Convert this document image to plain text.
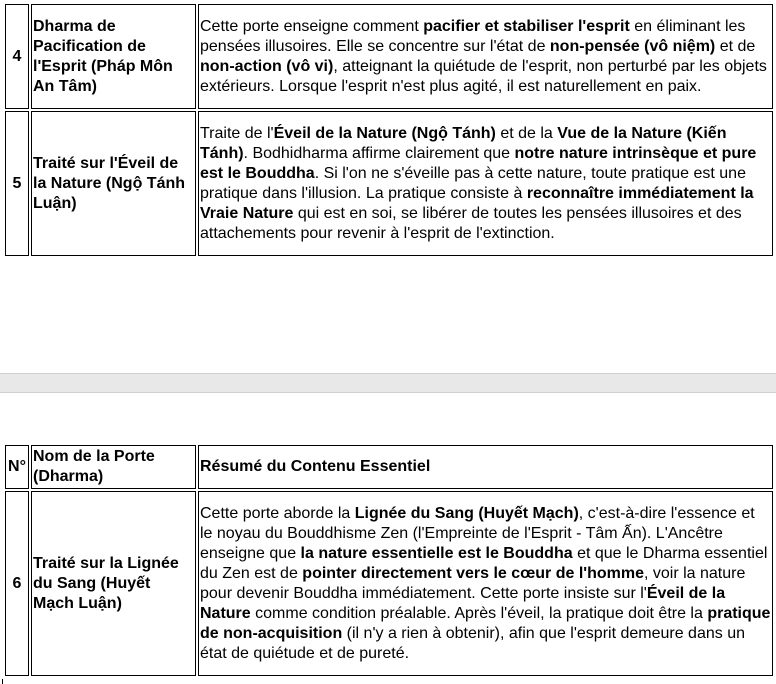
4	Dharma de Pacification de l'Esprit (Pháp Môn An Tâm)	Cette porte enseigne comment pacifier et stabiliser l'esprit en éliminant les pensées illusoires. Elle se concentre sur l'état de non-pensée (vô niệm) et de non-action (vô vi), atteignant la quiétude de l'esprit, non perturbé par les objets extérieurs. Lorsque l'esprit n'est plus agité, il est naturellement en paix.
5	Traité sur l'Éveil de la Nature (Ngộ Tánh Luận)	Traite de l'Éveil de la Nature (Ngộ Tánh) et de la Vue de la Nature (Kiến Tánh). Bodhidharma affirme clairement que notre nature intrinsèque et pure est le Bouddha. Si l'on ne s'éveille pas à cette nature, toute pratique est une pratique dans l'illusion. La pratique consiste à reconnaître immédiatement la Vraie Nature qui est en soi, se libérer de toutes les pensées illusoires et des attachements pour revenir à l'esprit de l'extinction.
N°	Nom de la Porte (Dharma)	Résumé du Contenu Essentiel
6	Traité sur la Lignée du Sang (Huyết Mạch Luận)	Cette porte aborde la Lignée du Sang (Huyết Mạch), c'est-à-dire l'essence et le noyau du Bouddhisme Zen (l'Empreinte de l'Esprit - Tâm Ấn). L'Ancêtre enseigne que la nature essentielle est le Bouddha et que le Dharma essentiel du Zen est de pointer directement vers le cœur de l'homme, voir la nature pour devenir Bouddha immédiatement. Cette porte insiste sur l'Éveil de la Nature comme condition préalable. Après l'éveil, la pratique doit être la pratique de non-acquisition (il n'y a rien à obtenir), afin que l'esprit demeure dans un état de quiétude et de pureté.
